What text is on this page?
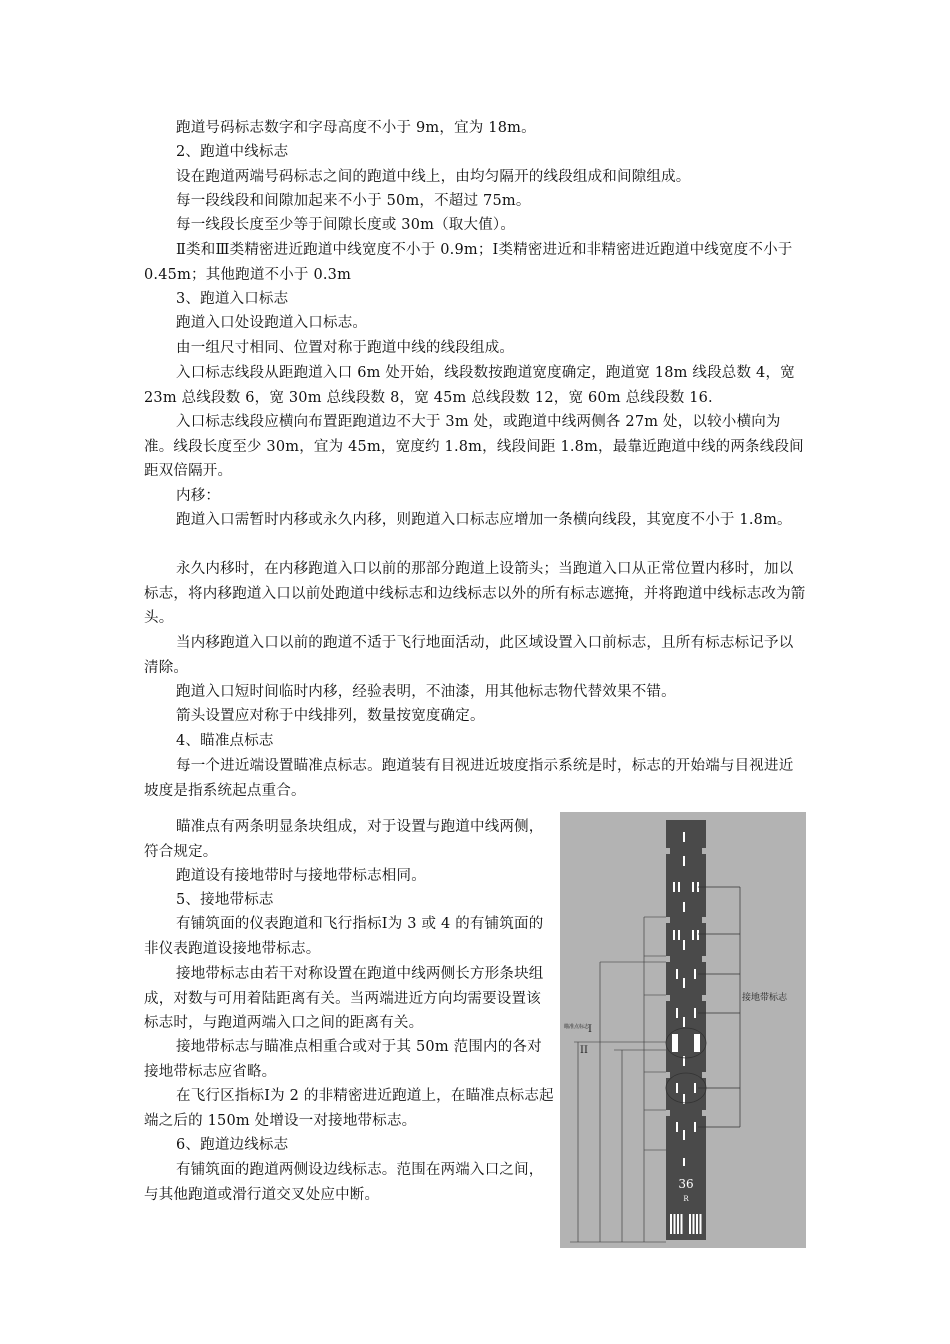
跑道号码标志数字和字母高度不小于 9m，宜为 18m。

2、跑道中线标志

设在跑道两端号码标志之间的跑道中线上，由均匀隔开的线段组成和间隙组成。

每一段线段和间隙加起来不小于 50m，不超过 75m。

每一线段长度至少等于间隙长度或 30m（取大值）。

Ⅱ类和Ⅲ类精密进近跑道中线宽度不小于 0.9m；Ⅰ类精密进近和非精密进近跑道中线宽度不小于 0.45m；其他跑道不小于 0.3m

3、跑道入口标志

跑道入口处设跑道入口标志。

由一组尺寸相同、位置对称于跑道中线的线段组成。

入口标志线段从距跑道入口 6m 处开始，线段数按跑道宽度确定，跑道宽 18m 线段总数 4，宽 23m 总线段数 6，宽 30m 总线段数 8，宽 45m 总线段数 12，宽 60m 总线段数 16.

入口标志线段应横向布置距跑道边不大于 3m 处，或跑道中线两侧各 27m 处，以较小横向为准。线段长度至少 30m，宜为 45m，宽度约 1.8m，线段间距 1.8m，最靠近跑道中线的两条线段间距双倍隔开。

内移：

跑道入口需暂时内移或永久内移，则跑道入口标志应增加一条横向线段，其宽度不小于 1.8m。

永久内移时，在内移跑道入口以前的那部分跑道上设箭头；当跑道入口从正常位置内移时，加以标志，将内移跑道入口以前处跑道中线标志和边线标志以外的所有标志遮掩，并将跑道中线标志改为箭头。

当内移跑道入口以前的跑道不适于飞行地面活动，此区域设置入口前标志，且所有标志标记予以清除。

跑道入口短时间临时内移，经验表明，不油漆，用其他标志物代替效果不错。

箭头设置应对称于中线排列，数量按宽度确定。

4、瞄准点标志

每一个进近端设置瞄准点标志。跑道装有目视进近坡度指示系统是时，标志的开始端与目视进近坡度是指系统起点重合。

瞄准点有两条明显条块组成，对于设置与跑道中线两侧，符合规定。

跑道设有接地带时与接地带标志相同。

5、接地带标志

有铺筑面的仪表跑道和飞行指标Ⅰ为 3 或 4 的有铺筑面的非仪表跑道设接地带标志。

接地带标志由若干对称设置在跑道中线两侧长方形条块组成，对数与可用着陆距离有关。当两端进近方向均需要设置该标志时，与跑道两端入口之间的距离有关。

接地带标志与瞄准点相重合或对于其 50m 范围内的各对接地带标志应省略。

在飞行区指标Ⅰ为 2 的非精密进近跑道上，在瞄准点标志起端之后的 150m 处增设一对接地带标志。

6、跑道边线标志

有铺筑面的跑道两侧设边线标志。范围在两端入口之间，与其他跑道或滑行道交叉处应中断。

36
R
接地带标志
I
II
瞄准点标志
